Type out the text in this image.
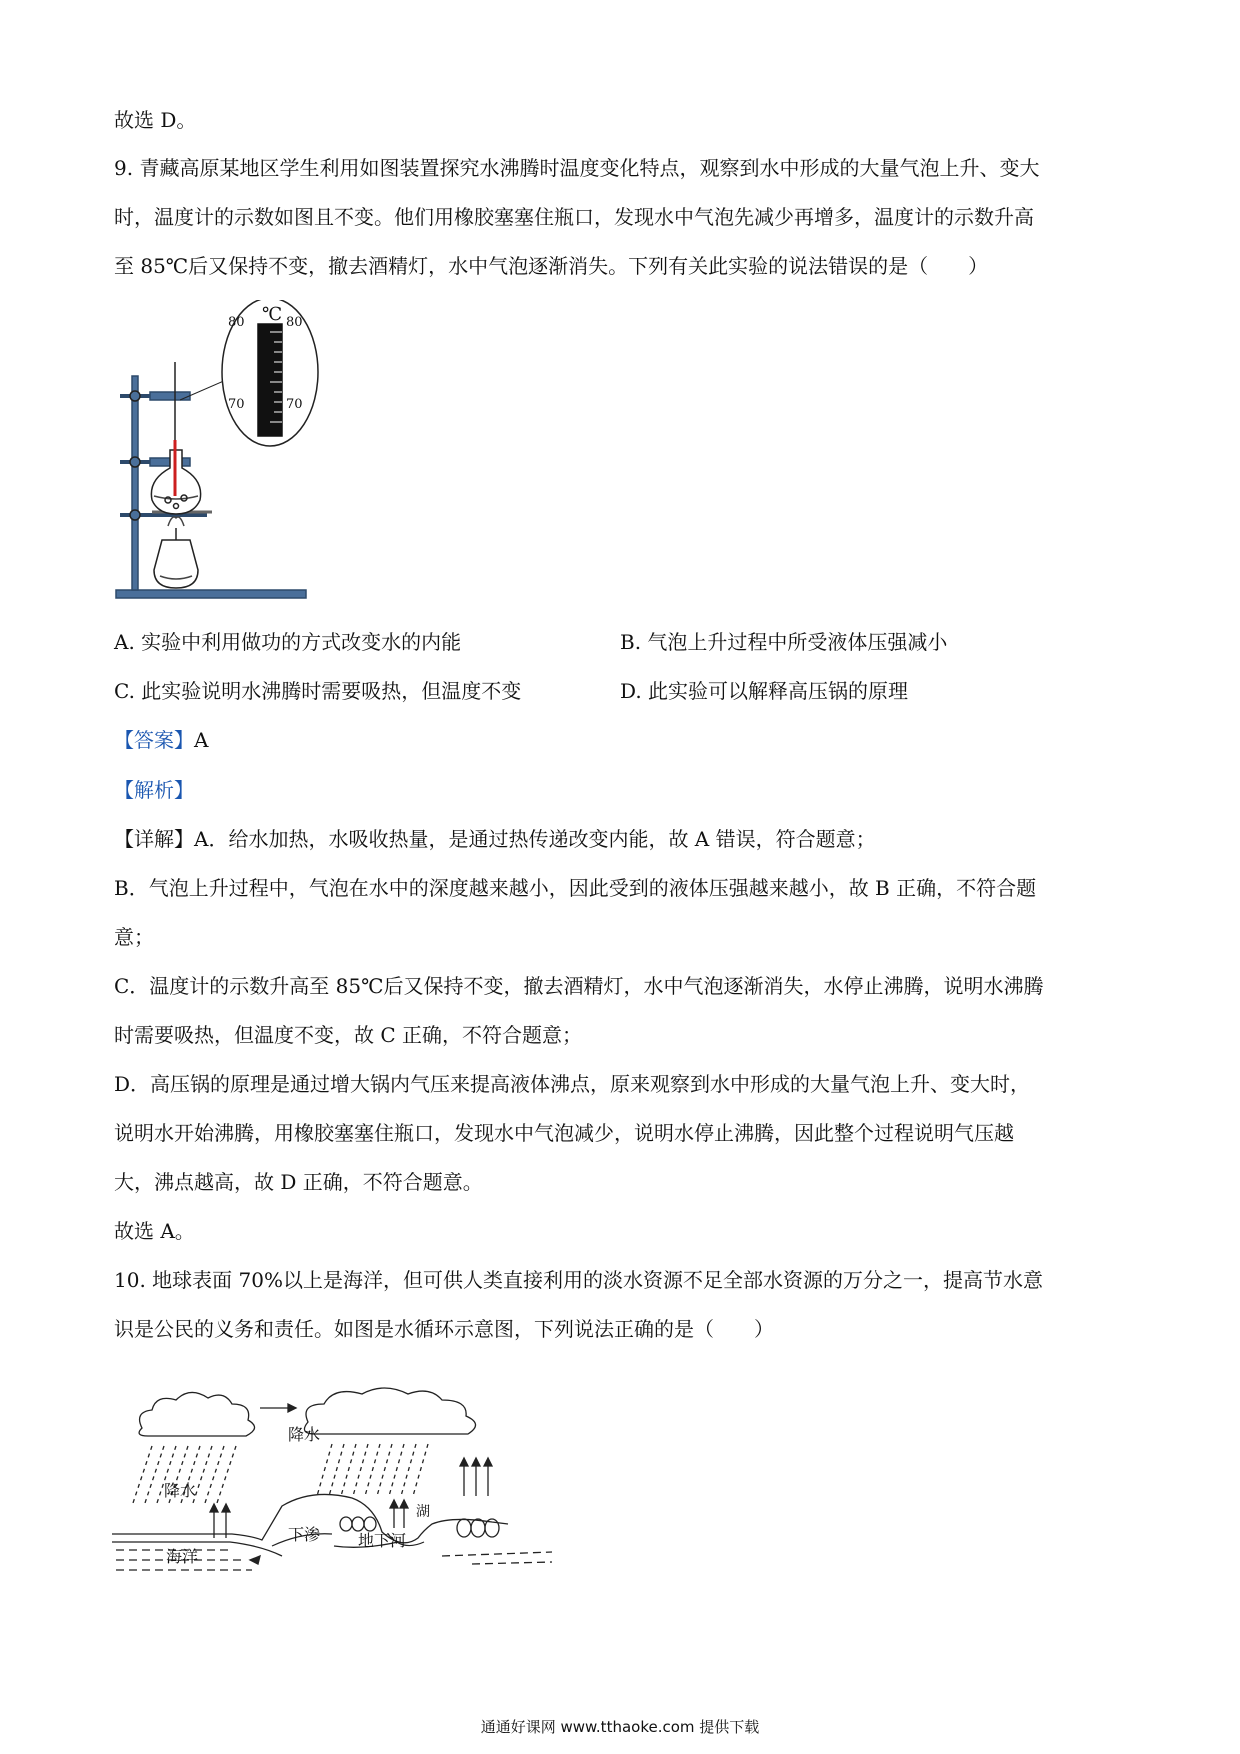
故选 D。
9. 青藏高原某地区学生利用如图装置探究水沸腾时温度变化特点，观察到水中形成的大量气泡上升、变大
时，温度计的示数如图且不变。他们用橡胶塞塞住瓶口，发现水中气泡先减少再增多，温度计的示数升高
至 85℃后又保持不变，撤去酒精灯，水中气泡逐渐消失。下列有关此实验的说法错误的是（　　）
℃
80	80
70	70
A. 实验中利用做功的方式改变水的内能	B. 气泡上升过程中所受液体压强减小
C. 此实验说明水沸腾时需要吸热，但温度不变	D. 此实验可以解释高压锅的原理
【答案】A
【解析】
【详解】A．给水加热，水吸收热量，是通过热传递改变内能，故 A 错误，符合题意；
B．气泡上升过程中，气泡在水中的深度越来越小，因此受到的液体压强越来越小，故 B 正确，不符合题
意；
C．温度计的示数升高至 85℃后又保持不变，撤去酒精灯，水中气泡逐渐消失，水停止沸腾，说明水沸腾
时需要吸热，但温度不变，故 C 正确，不符合题意；
D．高压锅的原理是通过增大锅内气压来提高液体沸点，原来观察到水中形成的大量气泡上升、变大时，
说明水开始沸腾，用橡胶塞塞住瓶口，发现水中气泡减少，说明水停止沸腾，因此整个过程说明气压越
大，沸点越高，故 D 正确，不符合题意。
故选 A。
10. 地球表面 70%以上是海洋，但可供人类直接利用的淡水资源不足全部水资源的万分之一，提高节水意
识是公民的义务和责任。如图是水循环示意图，下列说法正确的是（　　）
降水
降水
湖
下渗 地下河
海洋
通通好课网 www.tthaoke.com 提供下载
